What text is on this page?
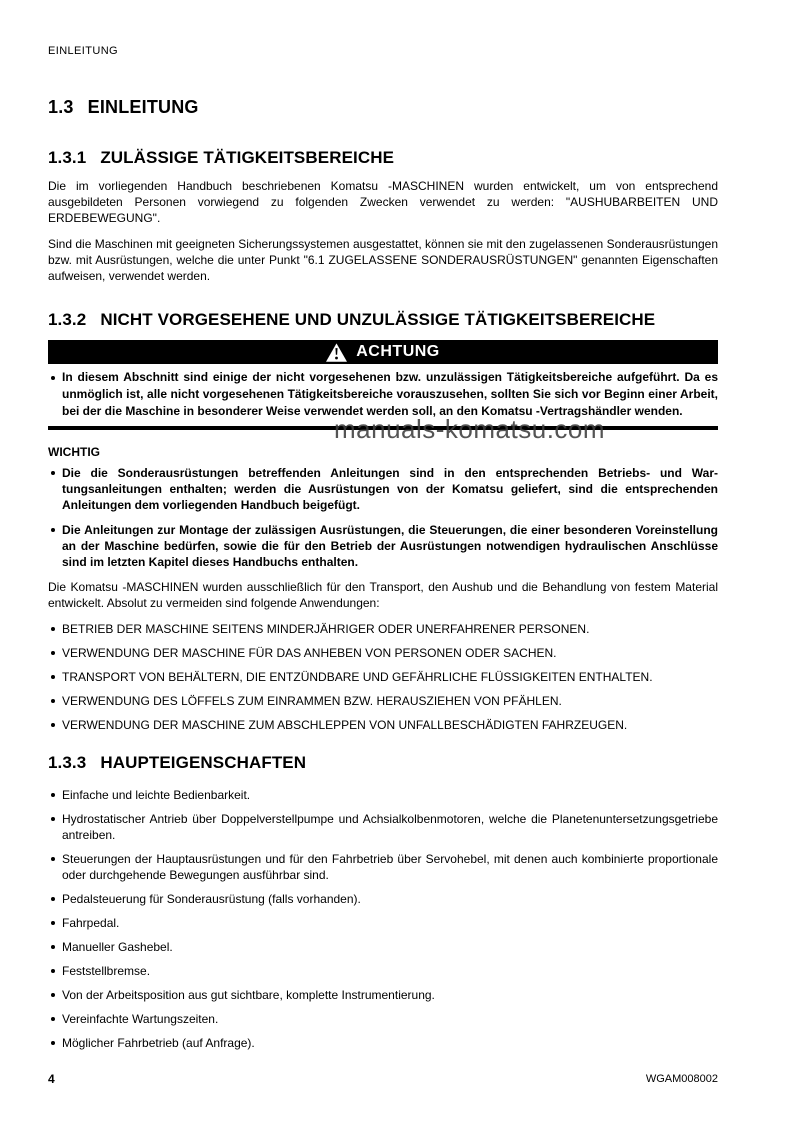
EINLEITUNG
1.3 EINLEITUNG
1.3.1 ZULÄSSIGE TÄTIGKEITSBEREICHE

Die im vorliegenden Handbuch beschriebenen Komatsu -MASCHINEN wurden entwickelt, um von entsprechend ausgebildeten Personen vorwiegend zu folgenden Zwecken verwendet zu werden: "AUSHUBARBEITEN UND ERDEBEWEGUNG".

Sind die Maschinen mit geeigneten Sicherungssystemen ausgestattet, können sie mit den zugelassenen Sonderausrüstungen bzw. mit Ausrüstungen, welche die unter Punkt "6.1 ZUGELASSENE SONDERAUSRÜSTUNGEN" genannten Eigenschaften aufweisen, verwendet werden.

1.3.2 NICHT VORGESEHENE UND UNZULÄSSIGE TÄTIGKEITSBEREICHE
ACHTUNG
In diesem Abschnitt sind einige der nicht vorgesehenen bzw. unzulässigen Tätigkeitsbereiche aufgeführt. Da es unmöglich ist, alle nicht vorgesehenen Tätigkeitsbereiche vorauszusehen, sollten Sie sich vor Beginn einer Arbeit, bei der die Maschine in besonderer Weise verwendet werden soll, an den Komatsu -Vertragshändler wenden.
WICHTIG
Die die Sonderausrüstungen betreffenden Anleitungen sind in den entsprechenden Betriebs- und Wartungsanleitungen enthalten; werden die Ausrüstungen von der Komatsu geliefert, sind die entsprechenden Anleitungen dem vorliegenden Handbuch beigefügt.
Die Anleitungen zur Montage der zulässigen Ausrüstungen, die Steuerungen, die einer besonderen Voreinstellung an der Maschine bedürfen, sowie die für den Betrieb der Ausrüstungen notwendigen hydraulischen Anschlüsse sind im letzten Kapitel dieses Handbuchs enthalten.

Die Komatsu -MASCHINEN wurden ausschließlich für den Transport, den Aushub und die Behandlung von festem Material entwickelt. Absolut zu vermeiden sind folgende Anwendungen:

BETRIEB DER MASCHINE SEITENS MINDERJÄHRIGER ODER UNERFAHRENER PERSONEN.
VERWENDUNG DER MASCHINE FÜR DAS ANHEBEN VON PERSONEN ODER SACHEN.
TRANSPORT VON BEHÄLTERN, DIE ENTZÜNDBARE UND GEFÄHRLICHE FLÜSSIGKEITEN ENTHALTEN.
VERWENDUNG DES LÖFFELS ZUM EINRAMMEN BZW. HERAUSZIEHEN VON PFÄHLEN.
VERWENDUNG DER MASCHINE ZUM ABSCHLEPPEN VON UNFALLBESCHÄDIGTEN FAHRZEUGEN.
1.3.3 HAUPTEIGENSCHAFTEN
Einfache und leichte Bedienbarkeit.
Hydrostatischer Antrieb über Doppelverstellpumpe und Achsialkolbenmotoren, welche die Planetenuntersetzungsgetriebe antreiben.
Steuerungen der Hauptausrüstungen und für den Fahrbetrieb über Servohebel, mit denen auch kombinierte proportionale oder durchgehende Bewegungen ausführbar sind.
Pedalsteuerung für Sonderausrüstung (falls vorhanden).
Fahrpedal.
Manueller Gashebel.
Feststellbremse.
Von der Arbeitsposition aus gut sichtbare, komplette Instrumentierung.
Vereinfachte Wartungszeiten.
Möglicher Fahrbetrieb (auf Anfrage).
manuals-komatsu.com
4	WGAM008002
